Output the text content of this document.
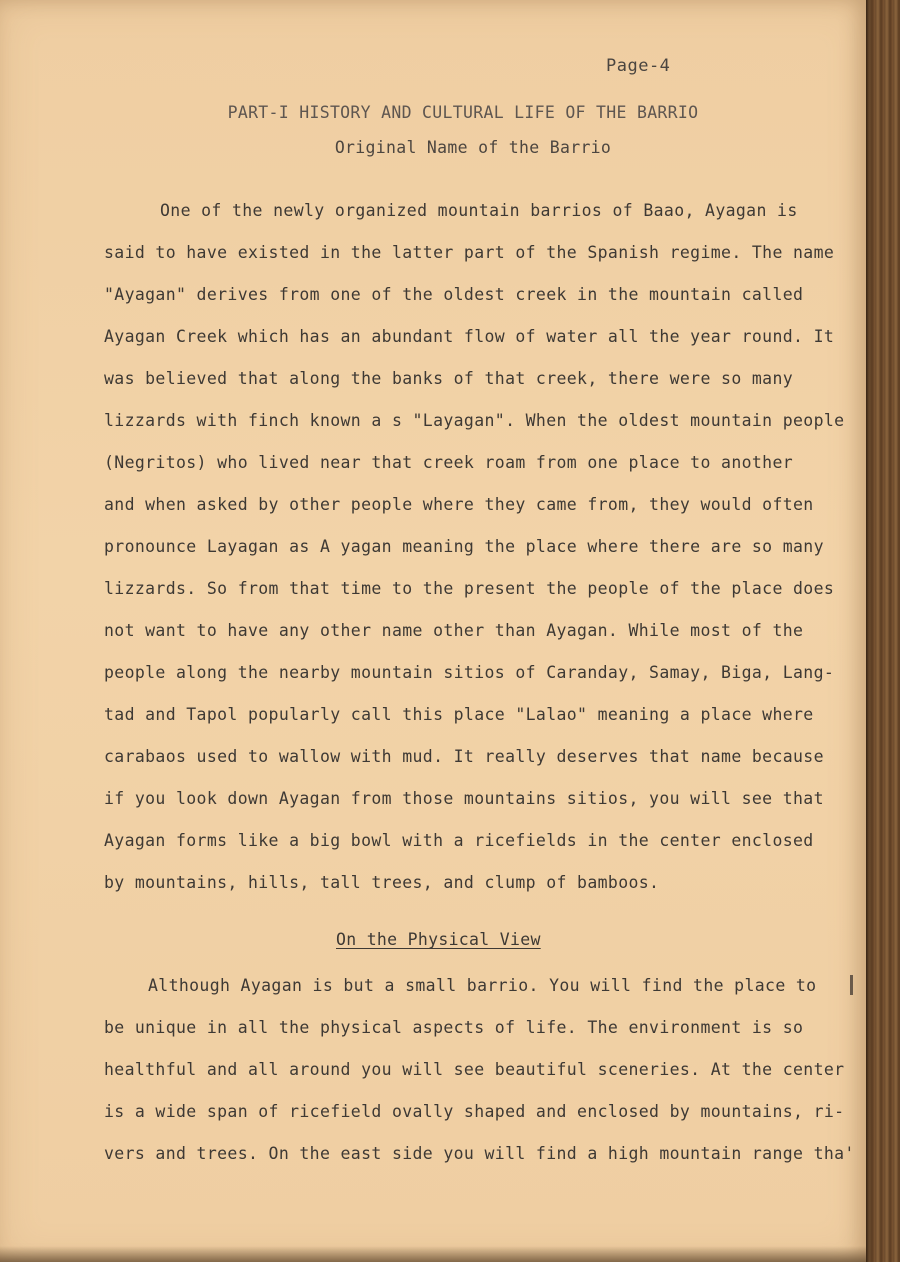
Page-4
PART-I HISTORY AND CULTURAL LIFE OF THE BARRIO
Original Name of the Barrio
One of the newly organized mountain barrios of Baao, Ayagan is
said to have existed in the latter part of the Spanish regime. The name
"Ayagan" derives from one of the oldest creek in the mountain called
Ayagan Creek which has an abundant flow of water all the year round. It
was believed that along the banks of that creek, there were so many
lizzards with finch known a s "Layagan". When the oldest mountain people
(Negritos) who lived near that creek roam from one place to another
and when asked by other people where they came from, they would often
pronounce Layagan as A yagan meaning the place where there are so many
lizzards. So from that time to the present the people of the place does
not want to have any other name other than Ayagan. While most of the
people along the nearby mountain sitios of Caranday, Samay, Biga, Lang-
tad and Tapol popularly call this place "Lalao" meaning a place where
carabaos used to wallow with mud. It really deserves that name because
if you look down Ayagan from those mountains sitios, you will see that
Ayagan forms like a big bowl with a ricefields in the center enclosed
by mountains, hills, tall trees, and clump of bamboos.
On the Physical View
Although Ayagan is but a small barrio. You will find the place to
be unique in all the physical aspects of life. The environment is so
healthful and all around you will see beautiful sceneries. At the center
is a wide span of ricefield ovally shaped and enclosed by mountains, ri-
vers and trees. On the east side you will find a high mountain range tha'
